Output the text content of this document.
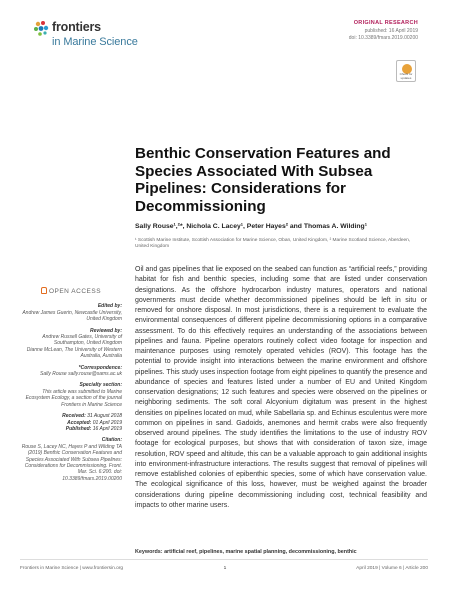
frontiers
in Marine Science
ORIGINAL RESEARCH
published: 16 April 2019
doi: 10.3389/fmars.2019.00200
Check for updates
Benthic Conservation Features and Species Associated With Subsea Pipelines: Considerations for Decommissioning
Sally Rouse¹,²*, Nichola C. Lacey¹, Peter Hayes² and Thomas A. Wilding¹
¹ Scottish Marine Institute, Scottish Association for Marine Science, Oban, United Kingdom, ² Marine Scotland Science, Aberdeen, United Kingdom
OPEN ACCESS
Edited by:
Andrew James Guerin, Newcastle University, United Kingdom
Reviewed by:
Andrew Russell Gates, University of Southampton, United Kingdom
Dianne McLean, The University of Western Australia, Australia
*Correspondence:
Sally Rouse sally.rouse@sams.ac.uk
Specialty section:
This article was submitted to Marine Ecosystem Ecology, a section of the journal Frontiers in Marine Science
Received: 31 August 2018
Accepted: 01 April 2019
Published: 16 April 2019
Citation:
Rouse S, Lacey NC, Hayes P and Wilding TA (2019) Benthic Conservation Features and Species Associated With Subsea Pipelines: Considerations for Decommissioning. Front. Mar. Sci. 6:200. doi: 10.3389/fmars.2019.00200

Oil and gas pipelines that lie exposed on the seabed can function as “artificial reefs,” providing habitat for fish and benthic species, including some that are listed under conservation designations. As the offshore hydrocarbon industry matures, operators and national governments must decide whether decommissioned pipelines should be left in situ or removed for onshore disposal. In most jurisdictions, there is a requirement to evaluate the environmental consequences of different pipeline decommissioning options in a comparative assessment. To do this effectively requires an understanding of the associations between pipelines and fauna. Pipeline operators routinely collect video footage for inspection and maintenance purposes using remotely operated vehicles (ROV). This footage has the potential to provide insight into interactions between the marine environment and offshore pipelines. This study uses inspection footage from eight pipelines to quantify the presence and abundance of species and features listed under a number of EU and United Kingdom conservation designations; 12 such features and species were observed on the pipelines or neighboring sediments. The soft coral Alcyonium digitatum was present in the highest densities on pipelines located on mud, while Sabellaria sp. and Echinus esculentus were more common on pipelines in sand. Gadoids, anemones and hermit crabs were also frequently observed around pipelines. The study identifies the limitations to the use of industry ROV footage for ecological purposes, but shows that with consideration of taxon size, image resolution, ROV speed and altitude, this can be a valuable approach to gain additional insights into environment-infrastructure interactions. The results suggest that removal of pipelines will remove established colonies of epibenthic species, some of which have conservation value. The ecological significance of this loss, however, must be weighed against the broader considerations during pipeline decommissioning including cost, technical feasibility and impacts to other marine users.

Keywords: artificial reef, pipelines, marine spatial planning, decommissioning, benthic
Frontiers in Marine Science | www.frontiersin.org	1	April 2019 | Volume 6 | Article 200
